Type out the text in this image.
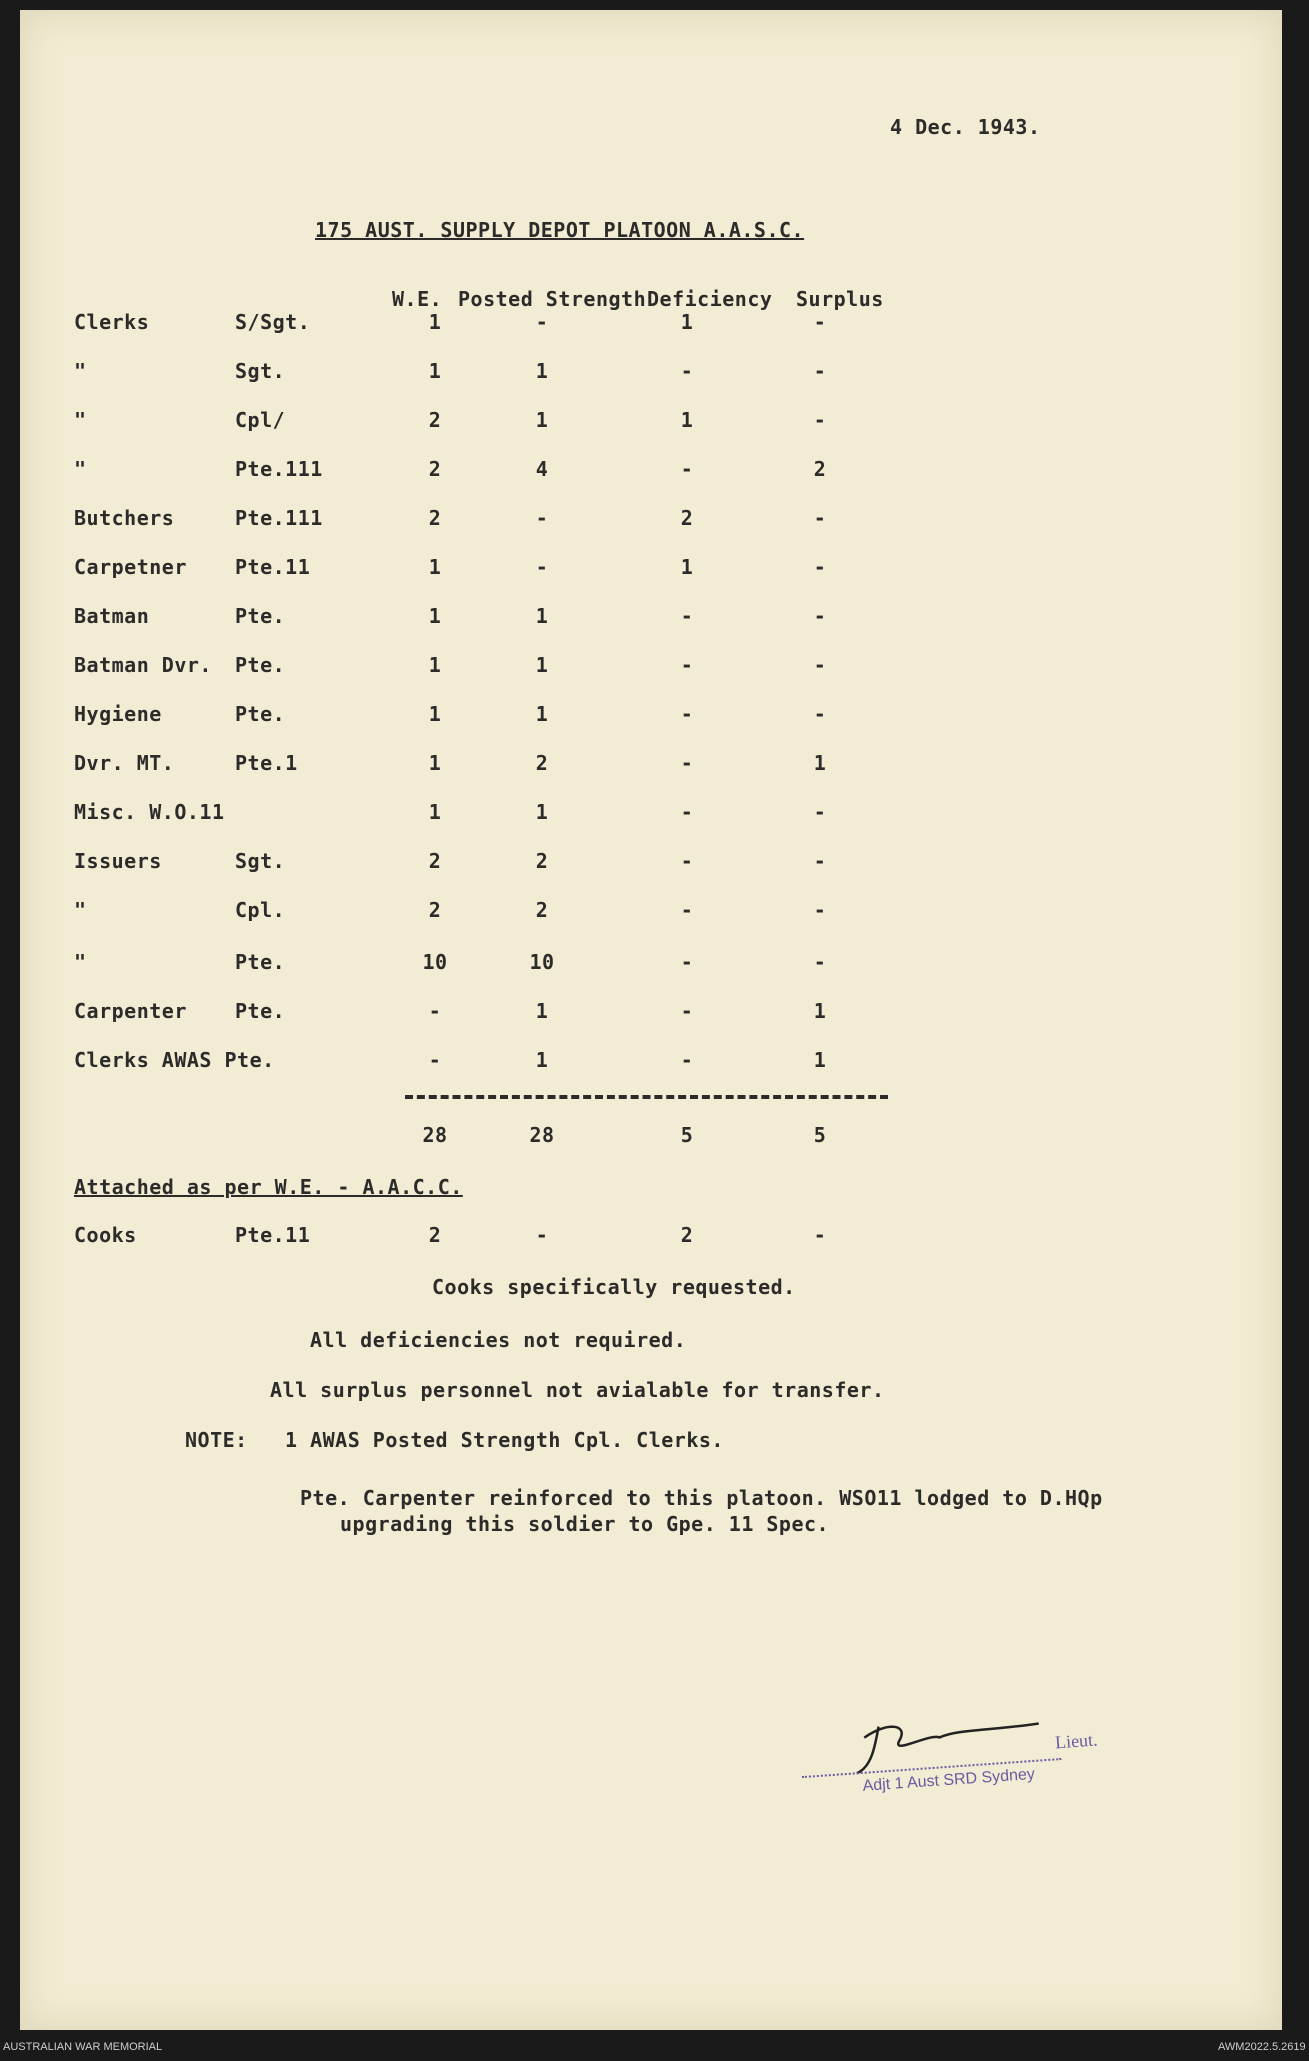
4 Dec. 1943.
175 AUST. SUPPLY DEPOT PLATOON A.A.S.C.
W.E. Posted Strength Deficiency Surplus
Clerks	S/Sgt.	1	-	1	-
"	Sgt.	1	1	-	-
"	Cpl/	2	1	1	-
"	Pte.111	2	4	-	2
Butchers	Pte.111	2	-	2	-
Carpetner Pte.11	1	-	1	-
Batman	Pte.	1	1	-	-
Batman Dvr. Pte.	1	1	-	-
Hygiene	Pte.	1	1	-	-
Dvr. MT.	Pte.1	1	2	-	1
Misc. W.O.11	1	1	-	-
Issuers	Sgt.	2	2	-	-
"	Cpl.	2	2	-	-
"	Pte.	10	10	-	-
Carpenter Pte.	-	1	-	1
Clerks AWAS Pte.	-	1	-	1
28	28	5	5
Attached as per W.E. - A.A.C.C.
Cooks	Pte.11	2	-	2	-
Cooks specifically requested.
All deficiencies not required.
All surplus personnel not avialable for transfer.
NOTE: 1 AWAS Posted Strength Cpl. Clerks.
Pte. Carpenter reinforced to this platoon. WSO11 lodged to D.HQp
upgrading this soldier to Gpe. 11 Spec.
Lieut.
Adjt 1 Aust SRD Sydney
AUSTRALIAN WAR MEMORIAL	AWM2022.5.2619
